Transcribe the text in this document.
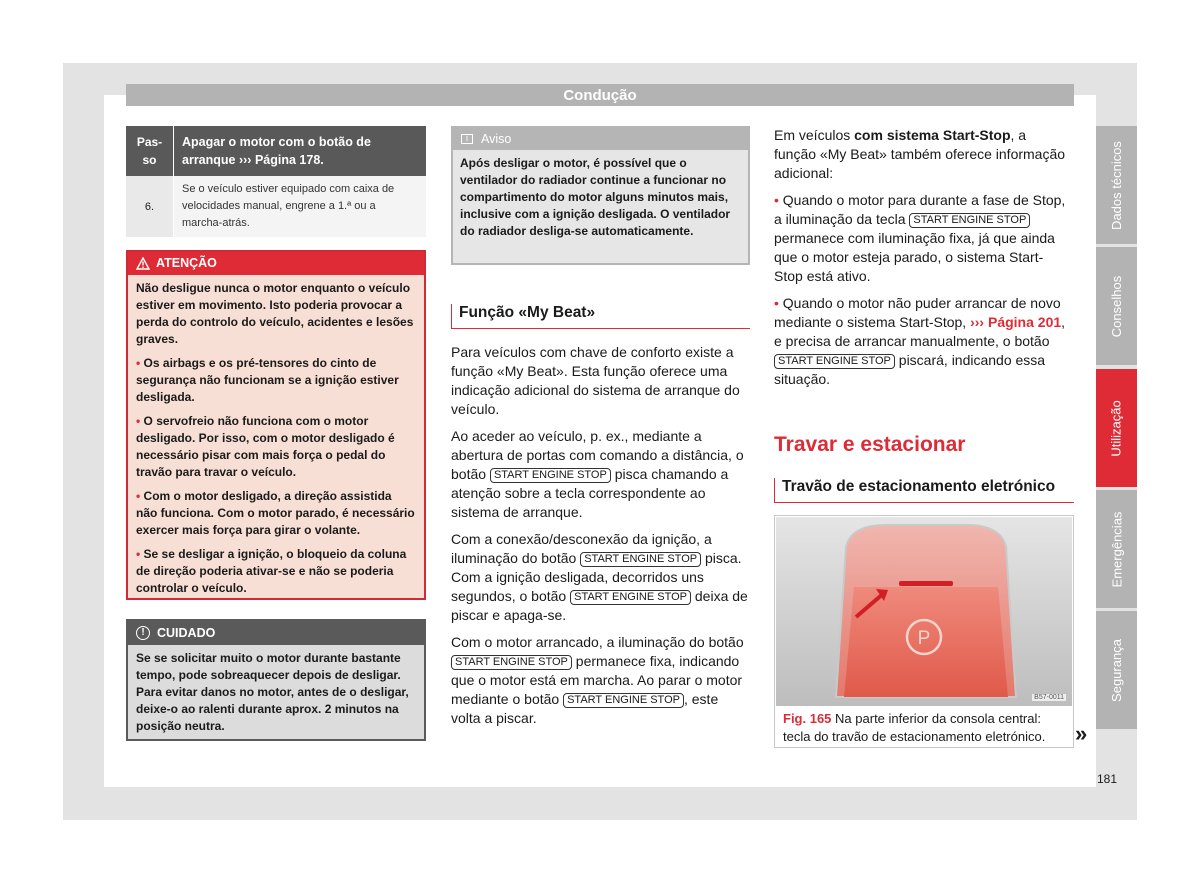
Condução
Pas-
so	Apagar o motor com o botão de arranque ››› Página 178.
6.	Se o veículo estiver equipado com caixa de velocidades manual, engrene a 1.ª ou a marcha-atrás.
ATENÇÃO

Não desligue nunca o motor enquanto o veículo estiver em movimento. Isto poderia provocar a perda do controlo do veículo, acidentes e lesões graves.

• Os airbags e os pré-tensores do cinto de segurança não funcionam se a ignição estiver desligada.

• O servofreio não funciona com o motor desligado. Por isso, com o motor desligado é necessário pisar com mais força o pedal do travão para travar o veículo.

• Com o motor desligado, a direção assistida não funciona. Com o motor parado, é necessário exercer mais força para girar o volante.

• Se se desligar a ignição, o bloqueio da coluna de direção poderia ativar-se e não se poderia controlar o veículo.

! CUIDADO
Se se solicitar muito o motor durante bastante tempo, pode sobreaquecer depois de desligar. Para evitar danos no motor, antes de o desligar, deixe-o ao ralenti durante aprox. 2 minutos na posição neutra.
i	Aviso
Após desligar o motor, é possível que o ventilador do radiador continue a funcionar no compartimento do motor alguns minutos mais, inclusive com a ignição desligada. O ventilador do radiador desliga-se automaticamente.
Função «My Beat»

Para veículos com chave de conforto existe a função «My Beat». Esta função oferece uma indicação adicional do sistema de arranque do veículo.

Ao aceder ao veículo, p. ex., mediante a abertura de portas com comando a distância, o botão START ENGINE STOP pisca chamando a atenção sobre a tecla correspondente ao sistema de arranque.

Com a conexão/desconexão da ignição, a iluminação do botão START ENGINE STOP pisca. Com a ignição desligada, decorridos uns segundos, o botão START ENGINE STOP deixa de piscar e apaga-se.

Com o motor arrancado, a iluminação do botão START ENGINE STOP permanece fixa, indicando que o motor está em marcha. Ao parar o motor mediante o botão START ENGINE STOP , este volta a piscar.

Em veículos com sistema Start-Stop, a função «My Beat» também oferece informação adicional:

• Quando o motor para durante a fase de Stop, a iluminação da tecla START ENGINE STOP permanece com iluminação fixa, já que ainda que o motor esteja parado, o sistema Start-Stop está ativo.

• Quando o motor não puder arrancar de novo mediante o sistema Start-Stop, ››› Página 201, e precisa de arrancar manualmente, o botão START ENGINE STOP piscará, indicando essa situação.

Travar e estacionar
Travão de estacionamento eletrónico
P
B57-0011
Fig. 165 Na parte inferior da consola central: tecla do travão de estacionamento eletrónico.	»
Dados técnicos
Conselhos
Utilização
Emergências
Segurança
181
